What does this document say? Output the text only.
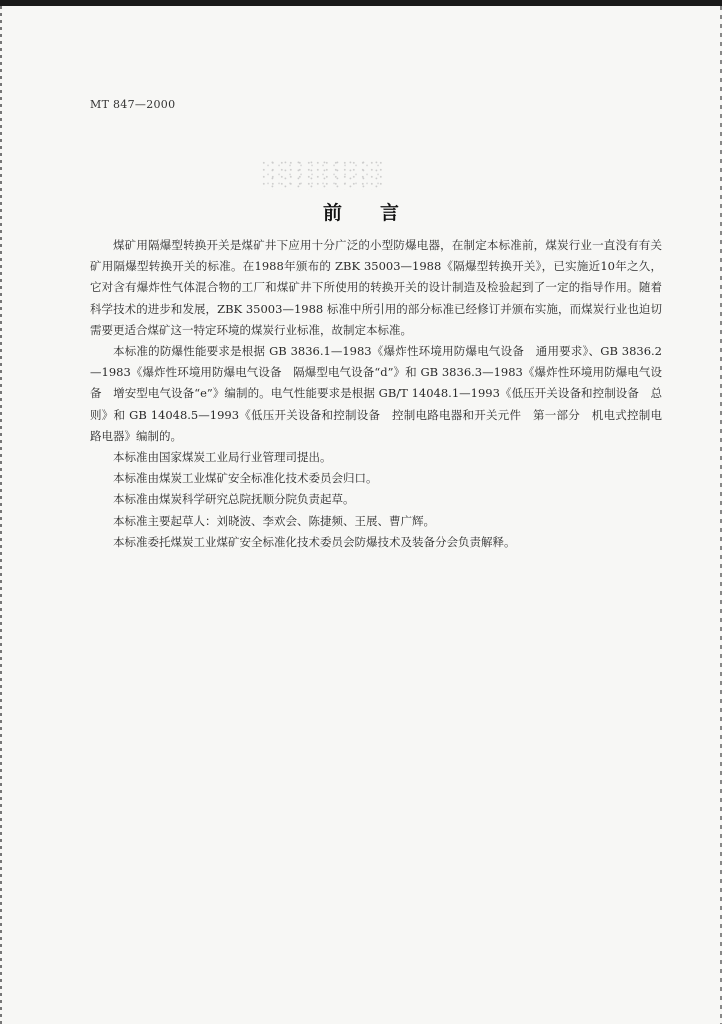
MT 847—2000
前言

煤矿用隔爆型转换开关是煤矿井下应用十分广泛的小型防爆电器，在制定本标准前，煤炭行业一直没有有关矿用隔爆型转换开关的标准。在1988年颁布的 ZBK 35003—1988《隔爆型转换开关》，已实施近10年之久，它对含有爆炸性气体混合物的工厂和煤矿井下所使用的转换开关的设计制造及检验起到了一定的指导作用。随着科学技术的进步和发展，ZBK 35003—1988 标准中所引用的部分标准已经修订并颁布实施，而煤炭行业也迫切需要更适合煤矿这一特定环境的煤炭行业标准，故制定本标准。

本标准的防爆性能要求是根据 GB 3836.1—1983《爆炸性环境用防爆电气设备　通用要求》、GB 3836.2—1983《爆炸性环境用防爆电气设备　隔爆型电气设备“d”》和 GB 3836.3—1983《爆炸性环境用防爆电气设备　增安型电气设备“e”》编制的。电气性能要求是根据 GB/T 14048.1—1993《低压开关设备和控制设备　总则》和 GB 14048.5—1993《低压开关设备和控制设备　控制电路电器和开关元件　第一部分　机电式控制电路电器》编制的。

本标准由国家煤炭工业局行业管理司提出。

本标准由煤炭工业煤矿安全标准化技术委员会归口。

本标准由煤炭科学研究总院抚顺分院负责起草。

本标准主要起草人：刘晓波、李欢会、陈捷频、王展、曹广辉。

本标准委托煤炭工业煤矿安全标准化技术委员会防爆技术及装备分会负责解释。
